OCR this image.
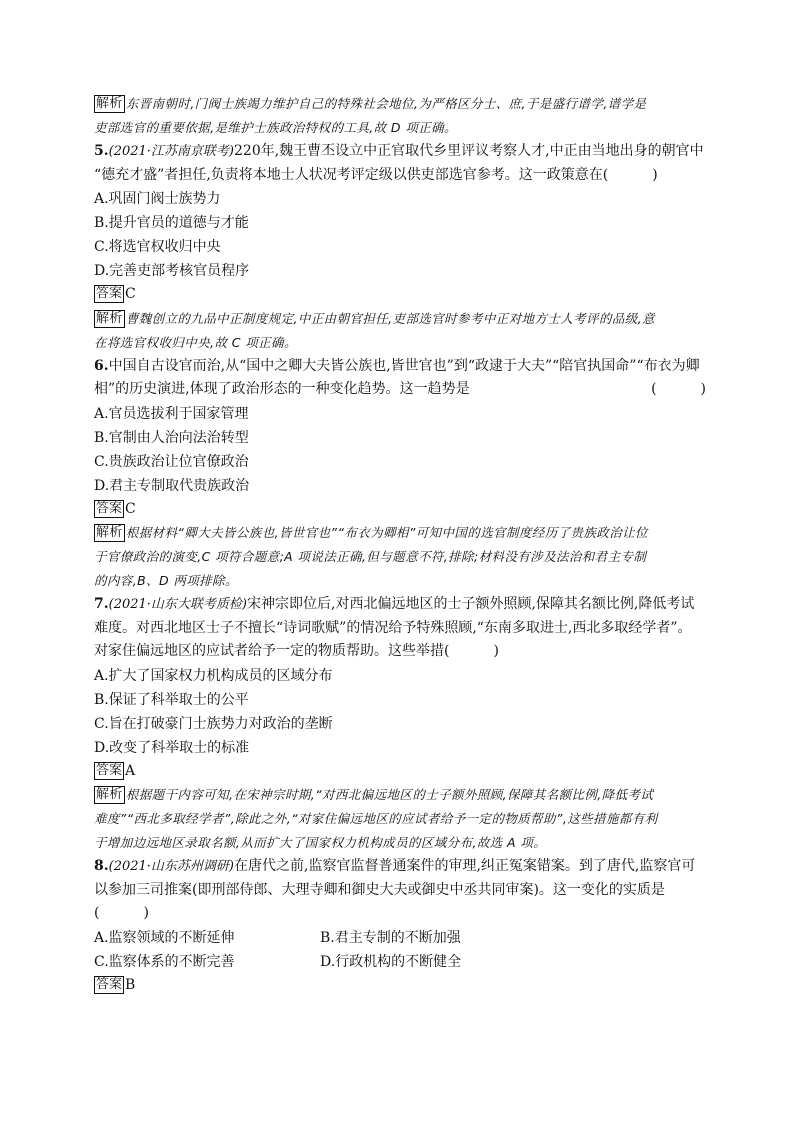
解析 东晋南朝时,门阀士族竭力维护自己的特殊社会地位,为严格区分士、庶,于是盛行谱学,谱学是
吏部选官的重要依据,是维护士族政治特权的工具,故 D 项正确。
5.(2021·江苏南京联考)220年,魏王曹丕设立中正官取代乡里评议考察人才,中正由当地出身的朝官中
“德充才盛”者担任,负责将本地士人状况考评定级以供吏部选官参考。这一政策意在(	)
A.巩固门阀士族势力
B.提升官员的道德与才能
C.将选官权收归中央
D.完善吏部考核官员程序
答案 C
解析 曹魏创立的九品中正制度规定,中正由朝官担任,吏部选官时参考中正对地方士人考评的品级,意
在将选官权收归中央,故 C 项正确。
6.中国自古设官而治,从“国中之卿大夫皆公族也,皆世官也”到“政逮于大夫”“陪官执国命”“布衣为卿
相”的历史演进,体现了政治形态的一种变化趋势。这一趋势是	(	)
A.官员选拔利于国家管理
B.官制由人治向法治转型
C.贵族政治让位官僚政治
D.君主专制取代贵族政治
答案 C
解析 根据材料“卿大夫皆公族也,皆世官也”“布衣为卿相”可知中国的选官制度经历了贵族政治让位
于官僚政治的演变,C 项符合题意;A 项说法正确,但与题意不符,排除;材料没有涉及法治和君主专制
的内容,B、D 两项排除。
7.(2021·山东大联考质检)宋神宗即位后,对西北偏远地区的士子额外照顾,保障其名额比例,降低考试
难度。对西北地区士子不擅长“诗词歌赋”的情况给予特殊照顾,“东南多取进士,西北多取经学者”。
对家住偏远地区的应试者给予一定的物质帮助。这些举措(	)
A.扩大了国家权力机构成员的区域分布
B.保证了科举取士的公平
C.旨在打破豪门士族势力对政治的垄断
D.改变了科举取士的标准
答案 A
解析 根据题干内容可知,在宋神宗时期,“对西北偏远地区的士子额外照顾,保障其名额比例,降低考试
难度”“西北多取经学者”,除此之外,“对家住偏远地区的应试者给予一定的物质帮助”,这些措施都有利
于增加边远地区录取名额,从而扩大了国家权力机构成员的区域分布,故选 A 项。
8.(2021·山东苏州调研)在唐代之前,监察官监督普通案件的审理,纠正冤案错案。到了唐代,监察官可
以参加三司推案(即刑部侍郎、大理寺卿和御史大夫或御史中丞共同审案)。这一变化的实质是
(	)
A.监察领域的不断延伸	B.君主专制的不断加强
C.监察体系的不断完善	D.行政机构的不断健全
答案 B
